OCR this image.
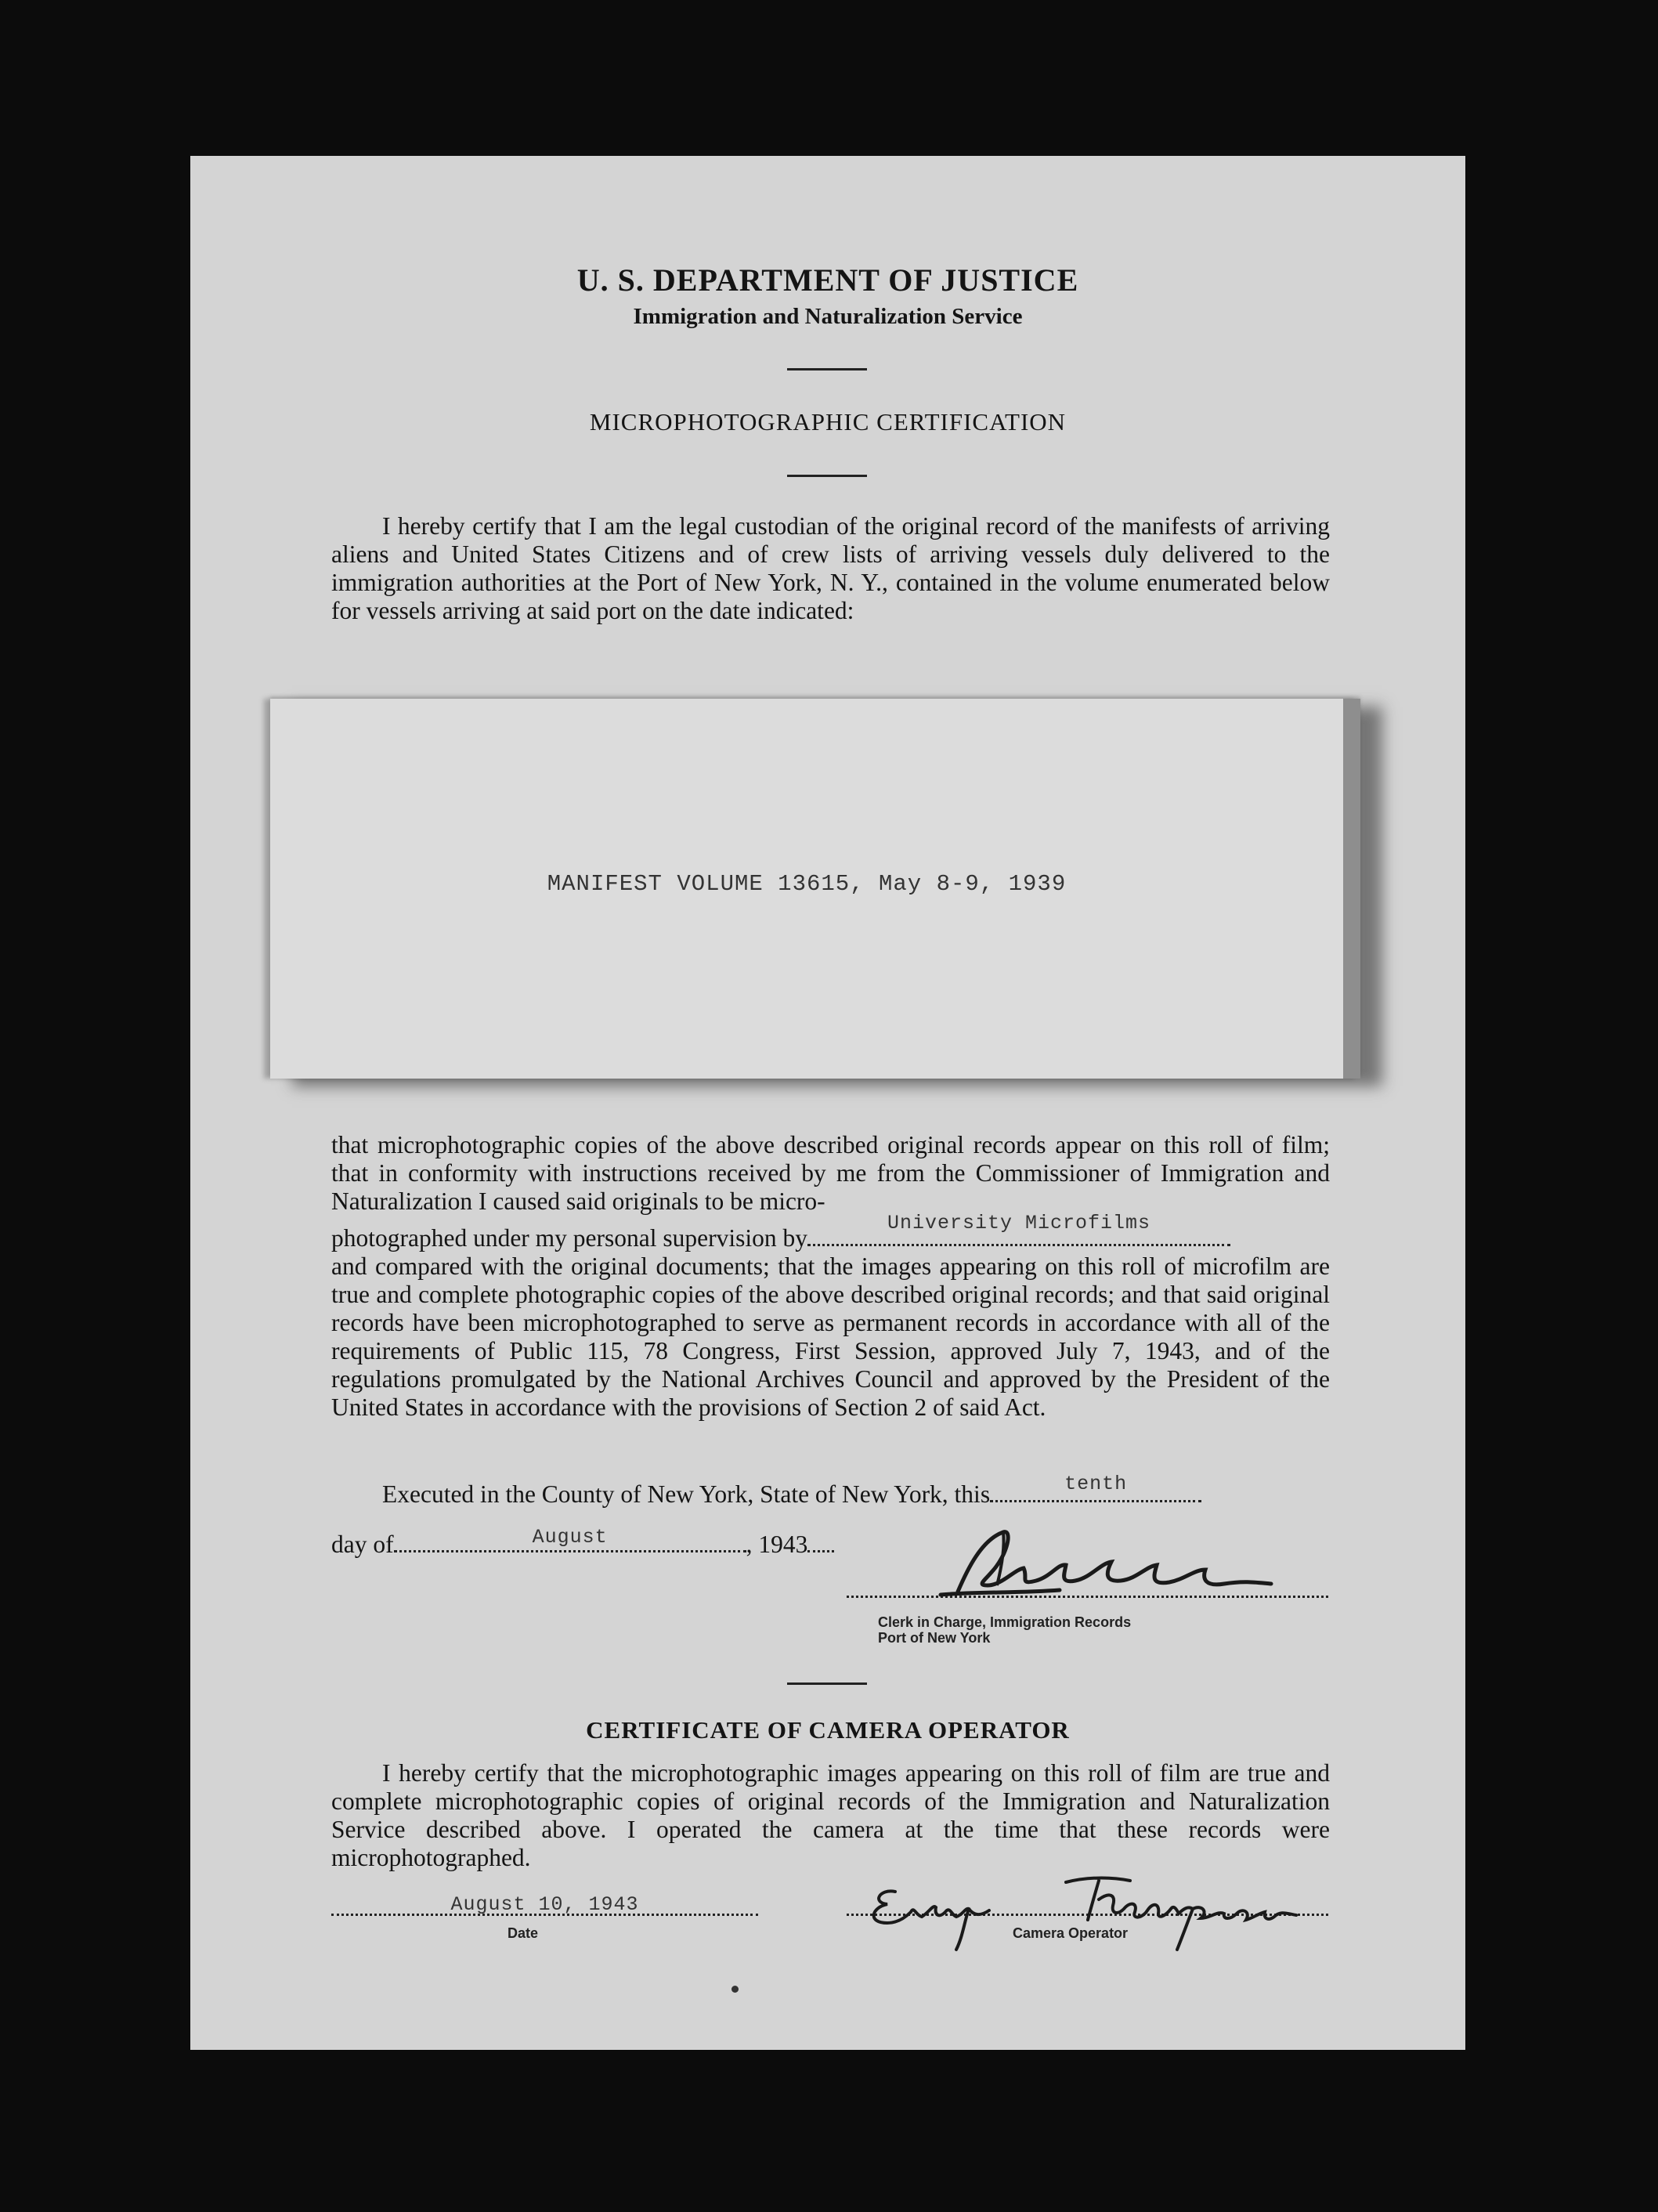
U. S. DEPARTMENT OF JUSTICE
Immigration and Naturalization Service
MICROPHOTOGRAPHIC CERTIFICATION

I hereby certify that I am the legal custodian of the original record of the manifests of arriving aliens and United States Citizens and of crew lists of arriving vessels duly delivered to the immigration authorities at the Port of New York, N. Y., contained in the volume enumerated below for vessels arriving at said port on the date indicated:

MANIFEST VOLUME 13615, May 8-9, 1939

that microphotographic copies of the above described original records appear on this roll of film; that in conformity with instructions received by me from the Commissioner of Immigration and Naturalization I caused said originals to be micro-

photographed under my personal supervision by
University Microfilms

and compared with the original documents; that the images appearing on this roll of microfilm are true and complete photographic copies of the above described original records; and that said original records have been microphotographed to serve as permanent records in accordance with all of the requirements of Public 115, 78 Congress, First Session, approved July 7, 1943, and of the regulations promulgated by the National Archives Council and approved by the President of the United States in accordance with the provisions of Section 2 of said Act.

Executed in the County of New York, State of New York, this	tenth
day of	August	, 1943
Clerk in Charge, Immigration Records
Port of New York
CERTIFICATE OF CAMERA OPERATOR

I hereby certify that the microphotographic images appearing on this roll of film are true and complete microphotographic copies of original records of the Immigration and Naturalization Service described above. I operated the camera at the time that these records were microphotographed.

August 10, 1943
Date	Camera Operator
